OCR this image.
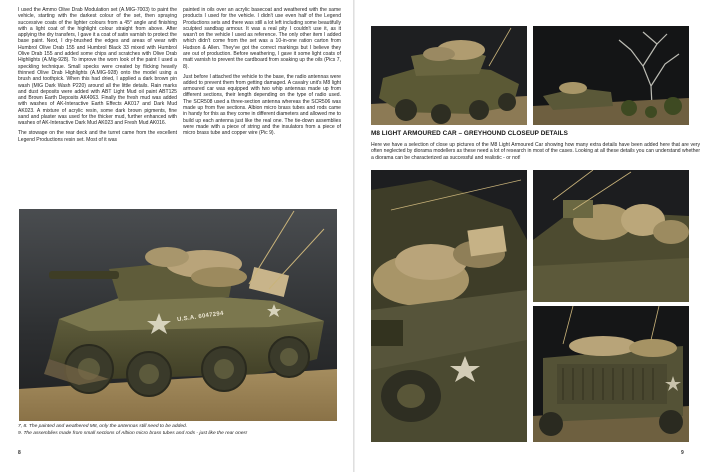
I used the Ammo Olive Drab Modulation set (A.MIG-7003) to paint the vehicle, starting with the darkest colour of the set, then spraying successive coats of the lighter colours from a 45° angle and finishing with a light coat of the highlight colour straight from above. After applying the dry transfers, I gave it a coat of satin varnish to protect the base paint. Next, I dry-brushed the edges and areas of wear with Humbrol Olive Drab 155 and Humbrol Black 33 mixed with Humbrol Olive Drab 155 and added some chips and scratches with Olive Drab Highlights (A.Mig-928). To improve the worn look of the paint I used a speckling technique. Small specks were created by flicking heavily thinned Olive Drab Highlights (A.MIG-928) onto the model using a brush and toothpick. When this had dried, I applied a dark brown pin wash (MIG Dark Wash P220) around all the little details. Rain marks and dust deposits were added with ABT Light Mud oil paint ABT125 and Brown Earth Deposits AK4063. Finally the fresh mud was added with washes of AK-Interactive Earth Effects AK017 and Dark Mud AK023. A mixture of acrylic resin, some dark brown pigments, fine sand and plaster was used for the thicker mud, further enhanced with washes of AK-Interactive Dark Mud AK023 and Fresh Mud AK016.

The stowage on the rear deck and the turret came from the excellent Legend Productions resin set. Most of it was

painted in oils over an acrylic basecoat and weathered with the same products I used for the vehicle. I didn't use even half of the Legend Productions sets and there was still a lot left including some beautifully sculpted sandbag armour. It was a real pity I couldn't use it, as it wasn't on the vehicle I used as reference. The only other item I added which didn't come from the set was a 10-in-one ration carton from Hudson & Allen. They've got the correct markings but I believe they are out of production. Before weathering, I gave it some light coats of matt varnish to prevent the cardboard from soaking up the oils (Pics 7, 8).

Just before I attached the vehicle to the base, the radio antennas were added to prevent them from getting damaged. A cavalry unit's M8 light armoured car was equipped with two whip antennas made up from different sections, their length depending on the type of radio used. The SCR508 used a three-section antenna whereas the SCR506 was made up from five sections. Albion micro brass tubes and rods came in handy for this as they come in different diameters and allowed me to build up each antenna just like the real one. The tie-down assemblies were made with a piece of string and the insulators from a piece of micro brass tube and copper wire (Pic 9).

U.S.A. 6047294
7, 8. The painted and weathered M8, only the antennas still need to be added.
9. The assemblies made from small sections of Albion micro brass tubes and rods - just like the rear ones!
8
M8 LIGHT ARMOURED CAR – GREYHOUND CLOSEUP DETAILS

Here we have a selection of close up pictures of the M8 Light Armoured Car showing how many extra details have been added here that are very often neglected by diorama modellers as these need a lot of research in most of the cases. Looking at all these details you can understand whether a diorama can be characterized as successful and realistic - or not!

9
